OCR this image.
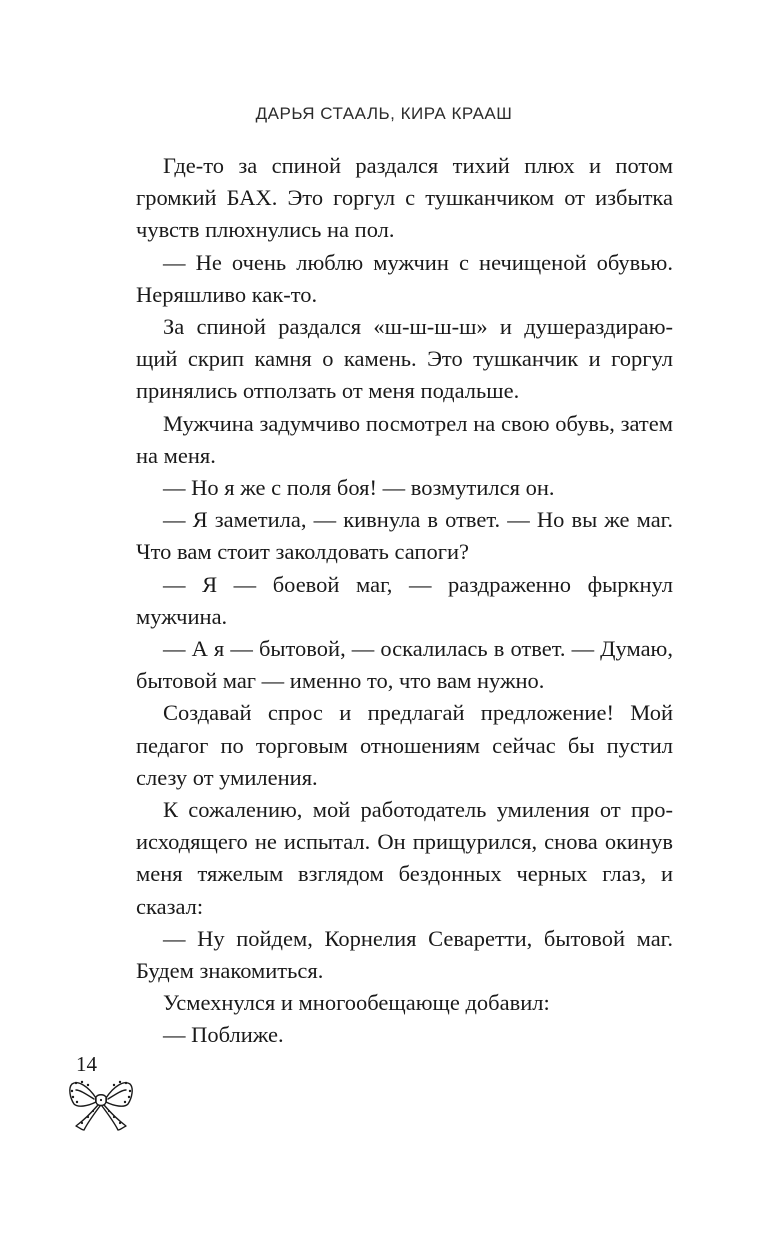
ДАРЬЯ СТААЛЬ, КИРА КРААШ

Где-то за спиной раздался тихий плюх и потом громкий БАХ. Это горгул с тушканчиком от избытка чувств плюхнулись на пол.

— Не очень люблю мужчин с нечищеной обувью. Неряшливо как-то.

За спиной раздался «ш-ш-ш-ш» и душераздирающий скрип камня о камень. Это тушканчик и горгул принялись отползать от меня подальше.

Мужчина задумчиво посмотрел на свою обувь, затем на меня.

— Но я же с поля боя! — возмутился он.

— Я заметила, — кивнула в ответ. — Но вы же маг. Что вам стоит заколдовать сапоги?

— Я — боевой маг, — раздраженно фыркнул мужчина.

— А я — бытовой, — оскалилась в ответ. — Думаю, бытовой маг — именно то, что вам нужно.

Создавай спрос и предлагай предложение! Мой педагог по торговым отношениям сейчас бы пустил слезу от умиления.

К сожалению, мой работодатель умиления от происходящего не испытал. Он прищурился, снова окинув меня тяжелым взглядом бездонных черных глаз, и сказал:

— Ну пойдем, Корнелия Севаретти, бытовой маг. Будем знакомиться.

Усмехнулся и многообещающе добавил:

— Поближе.

14
